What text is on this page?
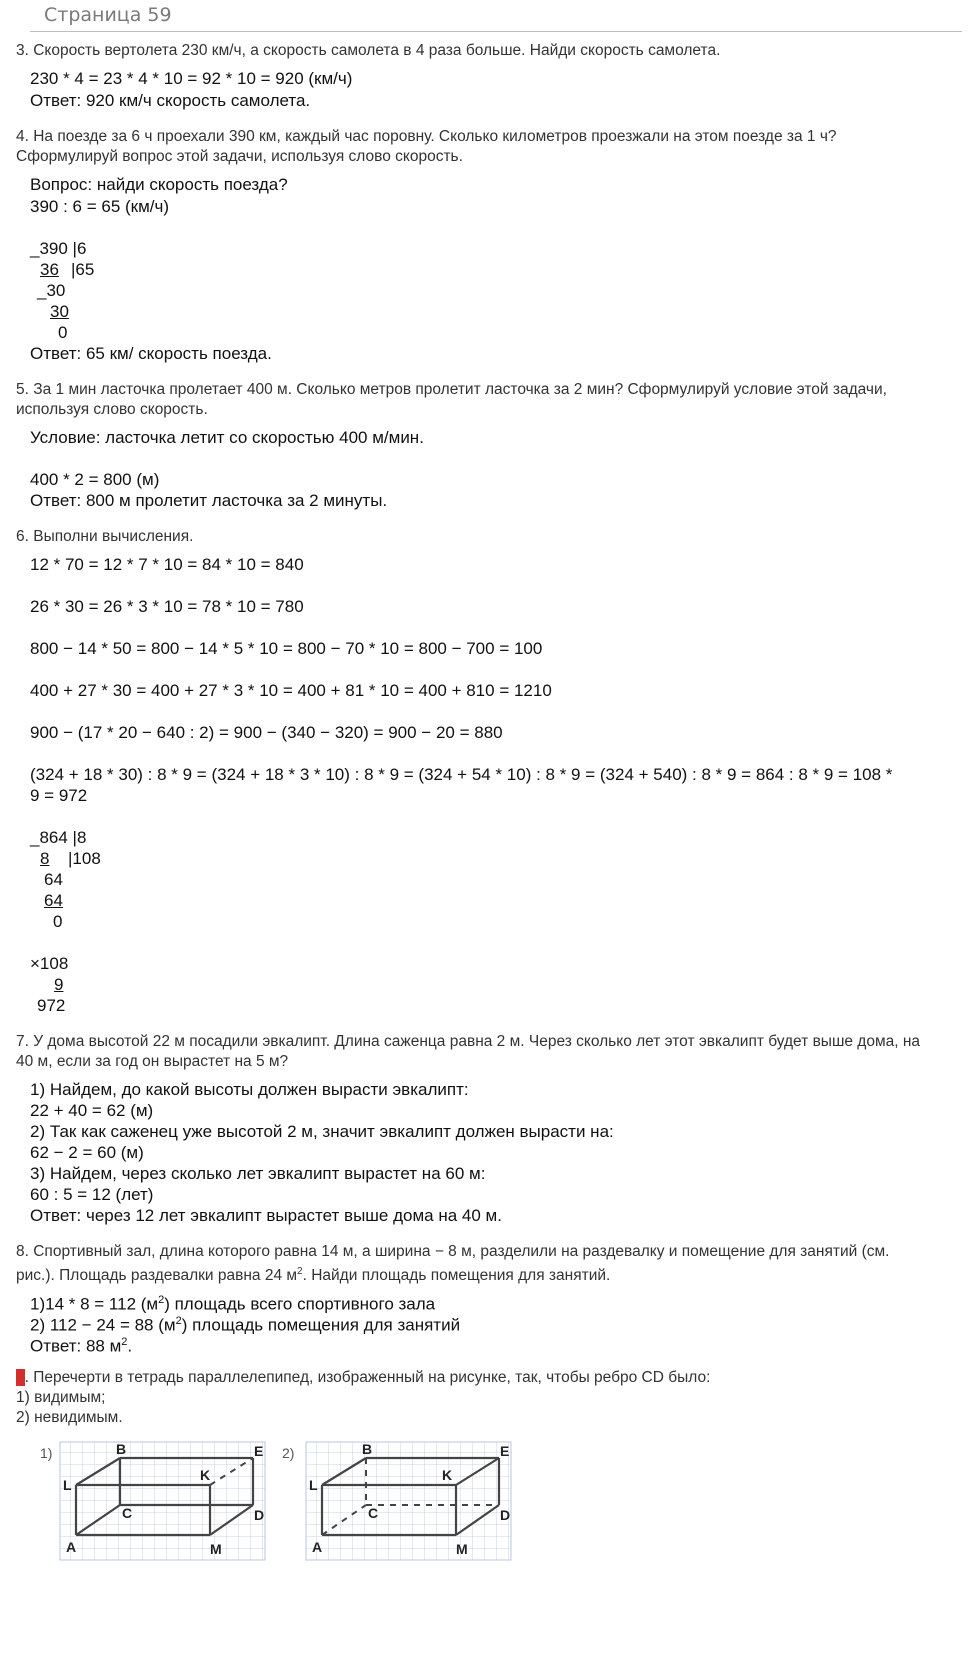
Страница 59
3. Скорость вертолета 230 км/ч, а скорость самолета в 4 раза больше. Найди скорость самолета.
230 * 4 = 23 * 4 * 10 = 92 * 10 = 920 (км/ч)
Ответ: 920 км/ч скорость самолета.
4. На поезде за 6 ч проехали 390 км, каждый час поровну. Сколько километров проезжали на этом поезде за 1 ч?
Сформулируй вопрос этой задачи, используя слово скорость.
Вопрос: найди скорость поезда?
390 : 6 = 65 (км/ч)
_390 |6
36 |65
_30
30
0
Ответ: 65 км/ скорость поезда.
5. За 1 мин ласточка пролетает 400 м. Сколько метров пролетит ласточка за 2 мин? Сформулируй условие этой задачи,
используя слово скорость.
Условие: ласточка летит со скоростью 400 м/мин.
400 * 2 = 800 (м)
Ответ: 800 м пролетит ласточка за 2 минуты.
6. Выполни вычисления.
12 * 70 = 12 * 7 * 10 = 84 * 10 = 840
26 * 30 = 26 * 3 * 10 = 78 * 10 = 780
800 − 14 * 50 = 800 − 14 * 5 * 10 = 800 − 70 * 10 = 800 − 700 = 100
400 + 27 * 30 = 400 + 27 * 3 * 10 = 400 + 81 * 10 = 400 + 810 = 1210
900 − (17 * 20 − 640 : 2) = 900 − (340 − 320) = 900 − 20 = 880
(324 + 18 * 30) : 8 * 9 = (324 + 18 * 3 * 10) : 8 * 9 = (324 + 54 * 10) : 8 * 9 = (324 + 540) : 8 * 9 = 864 : 8 * 9 = 108 *
9 = 972
_864 |8
8 |108
64
64
0
×108
9
972
7. У дома высотой 22 м посадили эвкалипт. Длина саженца равна 2 м. Через сколько лет этот эвкалипт будет выше дома, на
40 м, если за год он вырастет на 5 м?
1) Найдем, до какой высоты должен вырасти эвкалипт:
22 + 40 = 62 (м)
2) Так как саженец уже высотой 2 м, значит эвкалипт должен вырасти на:
62 − 2 = 60 (м)
3) Найдем, через сколько лет эвкалипт вырастет на 60 м:
60 : 5 = 12 (лет)
Ответ: через 12 лет эвкалипт вырастет выше дома на 40 м.
8. Спортивный зал, длина которого равна 14 м, а ширина − 8 м, разделили на раздевалку и помещение для занятий (см.
рис.). Площадь раздевалки равна 24 $м^2$. Найди площадь помещения для занятий.
1)14 * 8 = 112 $(м^2)$ площадь всего спортивного зала
2) 112 − 24 = 88 $(м^2)$ площадь помещения для занятий
Ответ: 88 $м^2$.
9. Перечерти в тетрадь параллелепипед, изображенный на рисунке, так, чтобы ребро CD было:
1) видимым;
2) невидимым.
1)	2)
B	E
L
K
C	D
A	M
B	E
L
K
C	D
A	M
